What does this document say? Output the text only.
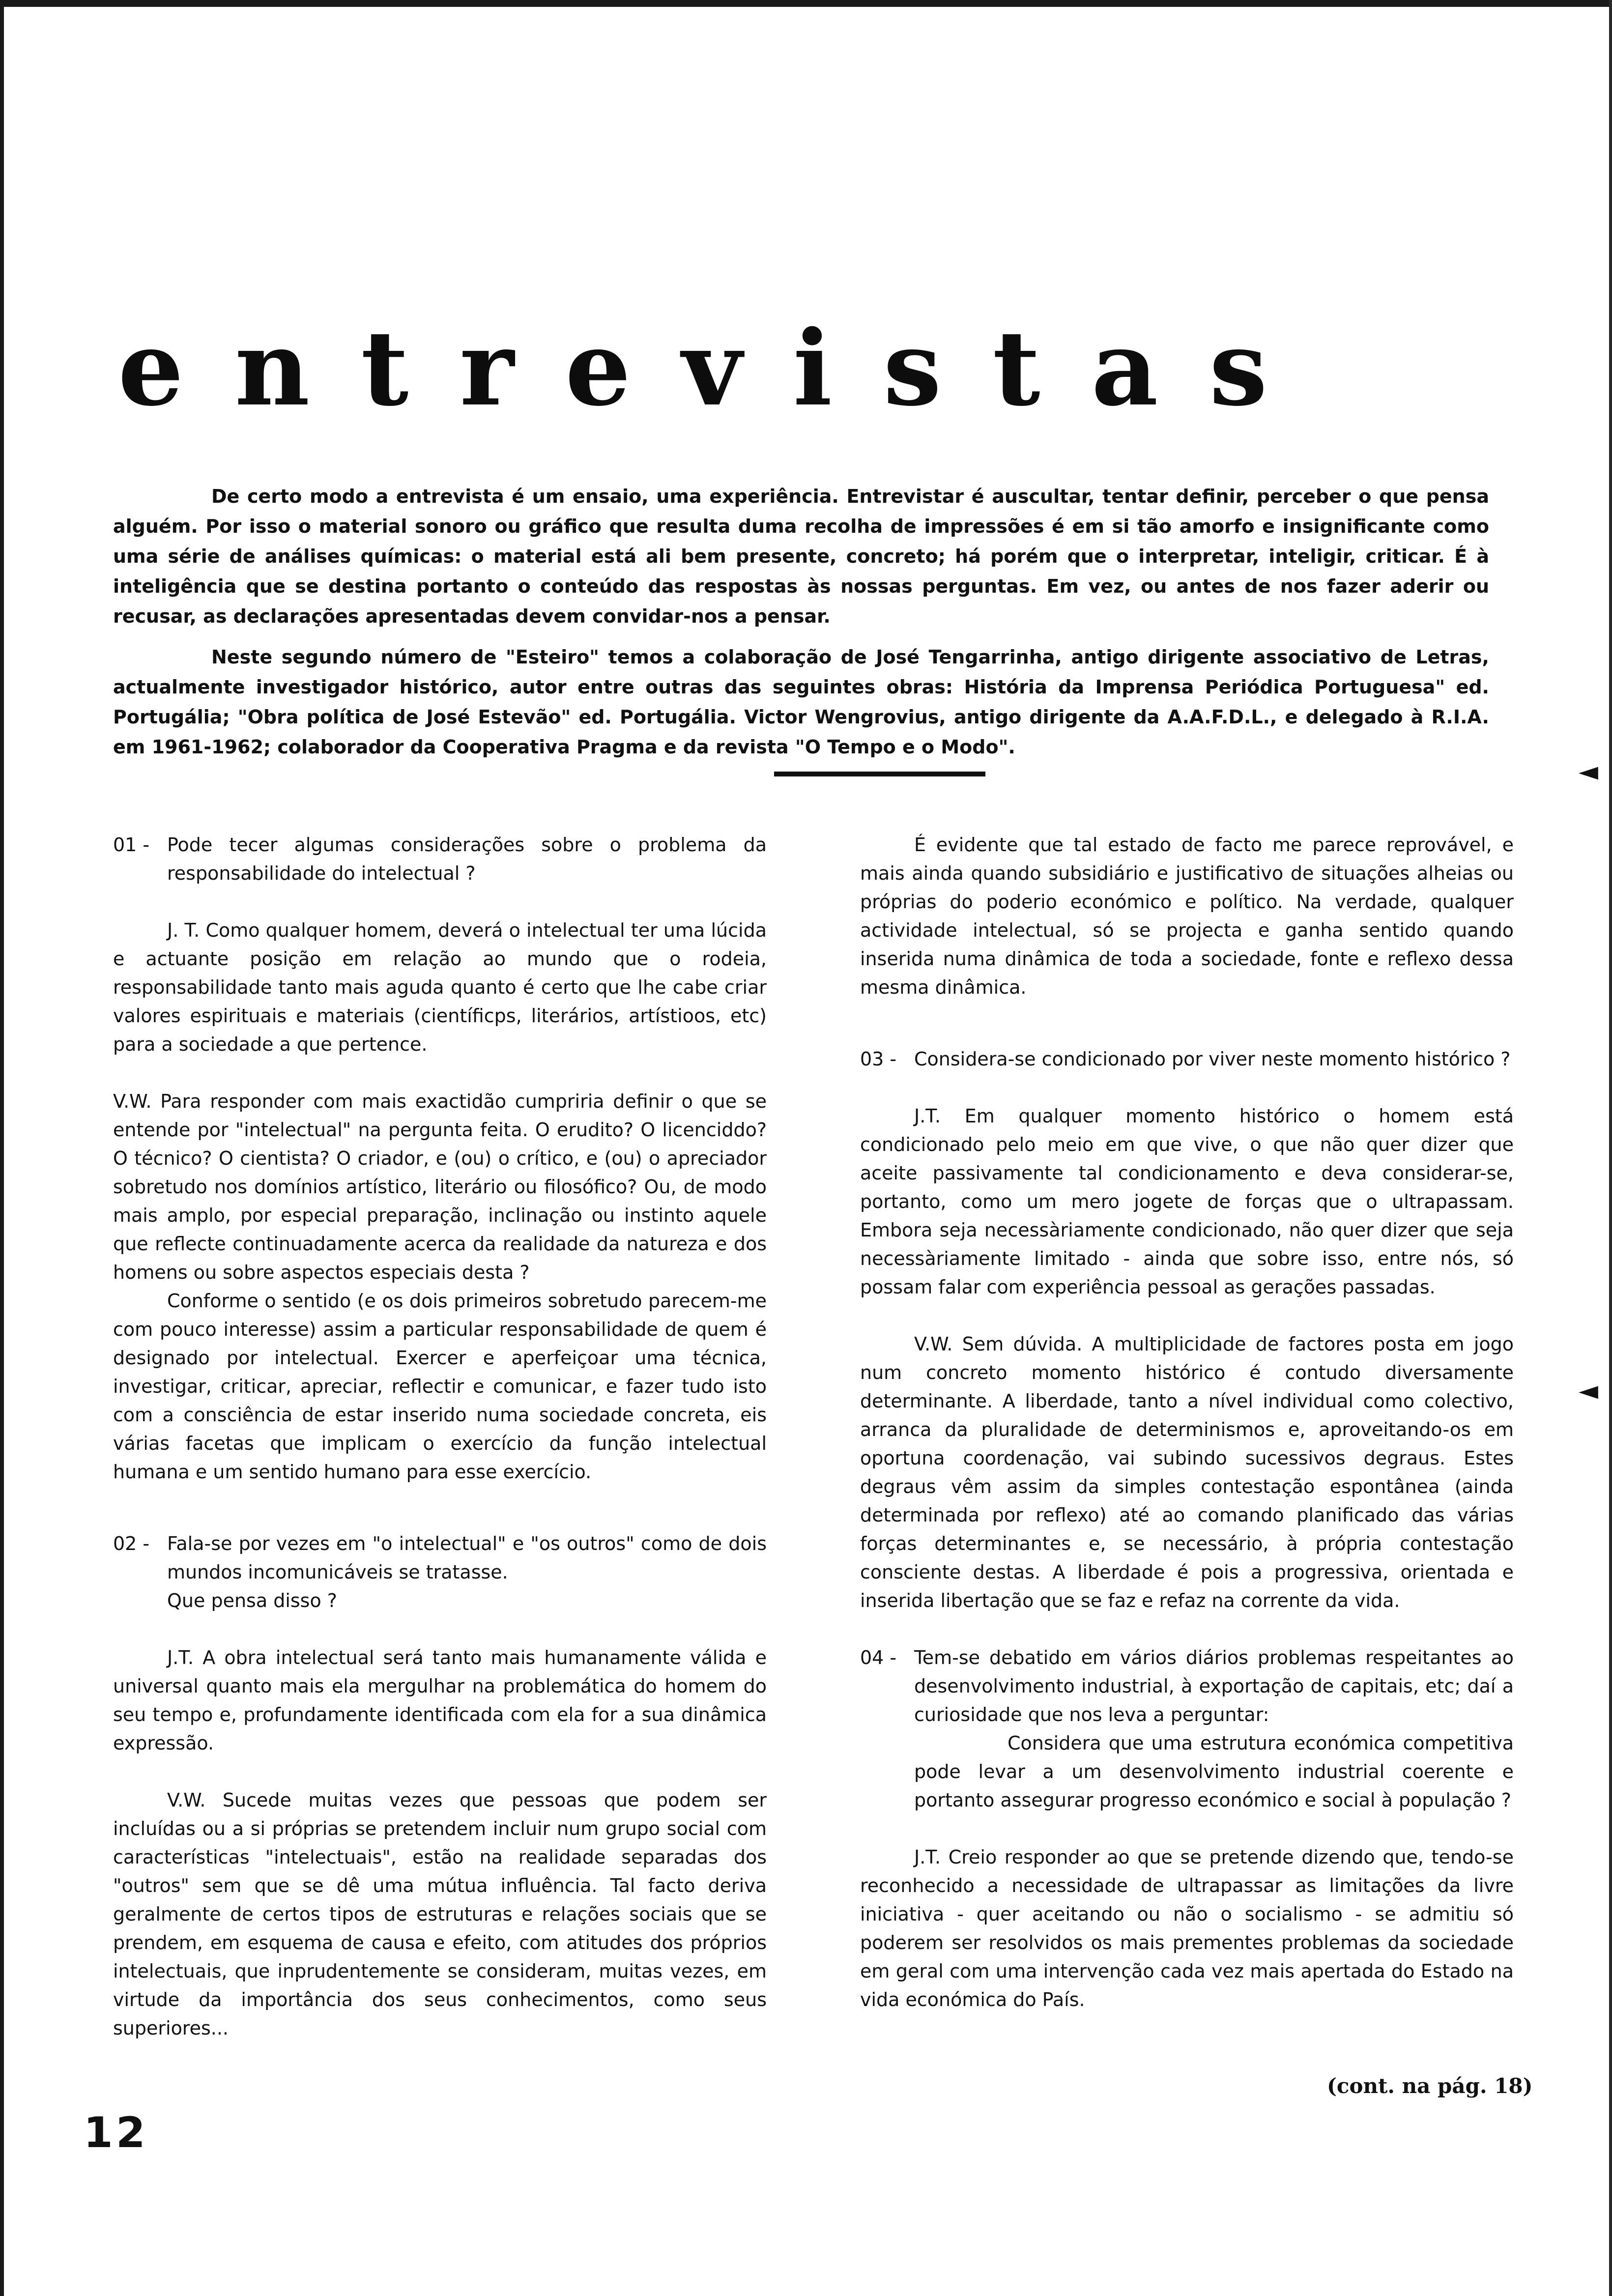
entrevistas

De certo modo a entrevista é um ensaio, uma experiência. Entrevistar é auscultar, tentar definir, perceber o que pensa alguém. Por isso o material sonoro ou gráfico que resulta duma recolha de impressões é em si tão amorfo e insignificante como uma série de análises químicas: o material está ali bem presente, concreto; há porém que o interpretar, inteligir, criticar. É à inteligência que se destina portanto o conteúdo das respostas às nossas perguntas. Em vez, ou antes de nos fazer aderir ou recusar, as declarações apresentadas devem convidar-nos a pensar.

Neste segundo número de "Esteiro" temos a colaboração de José Tengarrinha, antigo dirigente associativo de Letras, actualmente investigador histórico, autor entre outras das seguintes obras: História da Imprensa Periódica Portuguesa" ed. Portugália; "Obra política de José Estevão" ed. Portugália. Victor Wengrovius, antigo dirigente da A.A.F.D.L., e delegado à R.I.A. em 1961-1962; colaborador da Cooperativa Pragma e da revista "O Tempo e o Modo".

01 - Pode tecer algumas considerações sobre o problema da responsabilidade do intelectual ?

J. T. Como qualquer homem, deverá o intelectual ter uma lúcida e actuante posição em relação ao mundo que o rodeia, responsabilidade tanto mais aguda quanto é certo que lhe cabe criar valores espirituais e materiais (científicps, literários, artístioos, etc) para a sociedade a que pertence.

V.W. Para responder com mais exactidão cumpriria definir o que se entende por "intelectual" na pergunta feita. O erudito? O licenciddo? O técnico? O cientista? O criador, e (ou) o crítico, e (ou) o apreciador sobretudo nos domínios artístico, literário ou filosófico? Ou, de modo mais amplo, por especial preparação, inclinação ou instinto aquele que reflecte continuadamente acerca da realidade da natureza e dos homens ou sobre aspectos especiais desta ?

Conforme o sentido (e os dois primeiros sobretudo parecem-me com pouco interesse) assim a particular responsabilidade de quem é designado por intelectual. Exercer e aperfeiçoar uma técnica, investigar, criticar, apreciar, reflectir e comunicar, e fazer tudo isto com a consciência de estar inserido numa sociedade concreta, eis várias facetas que implicam o exercício da função intelectual humana e um sentido humano para esse exercício.

02 - Fala-se por vezes em "o intelectual" e "os outros" como de dois mundos incomunicáveis se tratasse.

Que pensa disso ?

J.T. A obra intelectual será tanto mais humanamente válida e universal quanto mais ela mergulhar na problemática do homem do seu tempo e, profundamente identificada com ela for a sua dinâmica expressão.

V.W. Sucede muitas vezes que pessoas que podem ser incluídas ou a si próprias se pretendem incluir num grupo social com características "intelectuais", estão na realidade separadas dos "outros" sem que se dê uma mútua influência. Tal facto deriva geralmente de certos tipos de estruturas e relações sociais que se prendem, em esquema de causa e efeito, com atitudes dos próprios intelectuais, que inprudentemente se consideram, muitas vezes, em virtude da importância dos seus conhecimentos, como seus superiores...

É evidente que tal estado de facto me parece reprovável, e mais ainda quando subsidiário e justificativo de situações alheias ou próprias do poderio económico e político. Na verdade, qualquer actividade intelectual, só se projecta e ganha sentido quando inserida numa dinâmica de toda a sociedade, fonte e reflexo dessa mesma dinâmica.

03 - Considera-se condicionado por viver neste momento histórico ?

J.T. Em qualquer momento histórico o homem está condicionado pelo meio em que vive, o que não quer dizer que aceite passivamente tal condicionamento e deva considerar-se, portanto, como um mero jogete de forças que o ultrapassam. Embora seja necessàriamente condicionado, não quer dizer que seja necessàriamente limitado - ainda que sobre isso, entre nós, só possam falar com experiência pessoal as gerações passadas.

V.W. Sem dúvida. A multiplicidade de factores posta em jogo num concreto momento histórico é contudo diversamente determinante. A liberdade, tanto a nível individual como colectivo, arranca da pluralidade de determinismos e, aproveitando-os em oportuna coordenação, vai subindo sucessivos degraus. Estes degraus vêm assim da simples contestação espontânea (ainda determinada por reflexo) até ao comando planificado das várias forças determinantes e, se necessário, à própria contestação consciente destas. A liberdade é pois a progressiva, orientada e inserida libertação que se faz e refaz na corrente da vida.

04 - Tem-se debatido em vários diários problemas respeitantes ao desenvolvimento industrial, à exportação de capitais, etc; daí a curiosidade que nos leva a perguntar:

Considera que uma estrutura económica competitiva pode levar a um desenvolvimento industrial coerente e portanto assegurar progresso económico e social à população ?

J.T. Creio responder ao que se pretende dizendo que, tendo-se reconhecido a necessidade de ultrapassar as limitações da livre iniciativa - quer aceitando ou não o socialismo - se admitiu só poderem ser resolvidos os mais prementes problemas da sociedade em geral com uma intervenção cada vez mais apertada do Estado na vida económica do País.

(cont. na pág. 18)
12
◄
◄
